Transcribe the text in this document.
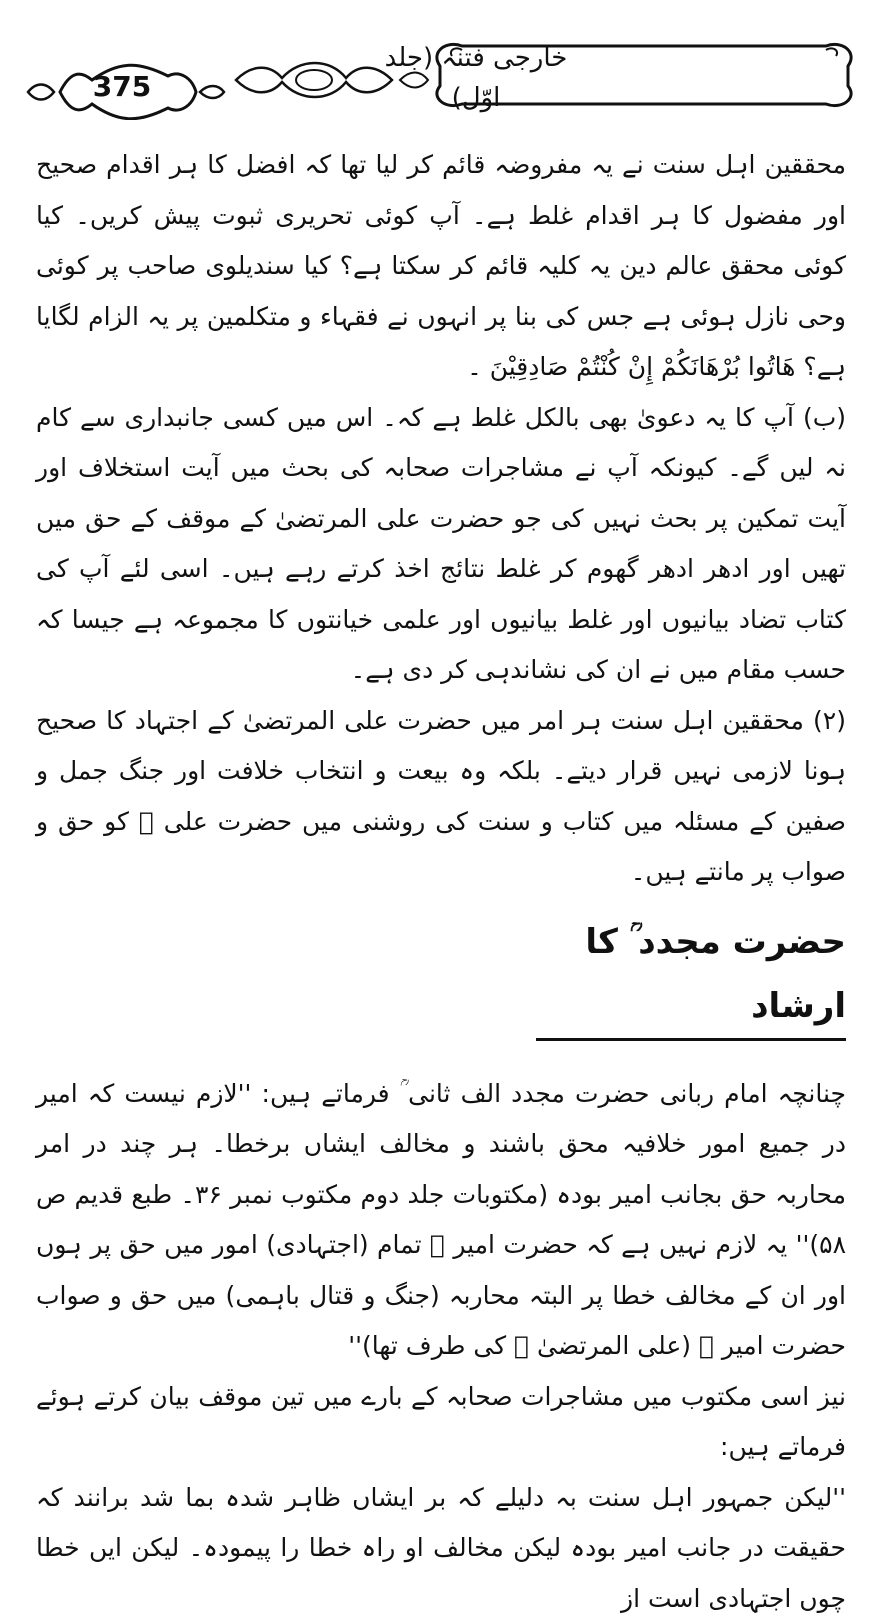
375
خارجی فتنہ (جلد اوّل)

محققین اہل سنت نے یہ مفروضہ قائم کر لیا تھا کہ افضل کا ہر اقدام صحیح اور مفضول کا ہر اقدام غلط ہے۔ آپ کوئی تحریری ثبوت پیش کریں۔ کیا کوئی محقق عالم دین یہ کلیہ قائم کر سکتا ہے؟ کیا سندیلوی صاحب پر کوئی وحی نازل ہوئی ہے جس کی بنا پر انہوں نے فقہاء و متکلمین پر یہ الزام لگایا ہے؟ هَاتُوا بُرْهَانَكُمْ إِنْ كُنْتُمْ صَادِقِيْنَ ۔

(ب) آپ کا یہ دعویٰ بھی بالکل غلط ہے کہ۔ اس میں کسی جانبداری سے کام نہ لیں گے۔ کیونکہ آپ نے مشاجرات صحابہ کی بحث میں آیت استخلاف اور آیت تمکین پر بحث نہیں کی جو حضرت علی المرتضیٰ کے موقف کے حق میں تھیں اور ادھر ادھر گھوم کر غلط نتائج اخذ کرتے رہے ہیں۔ اسی لئے آپ کی کتاب تضاد بیانیوں اور غلط بیانیوں اور علمی خیانتوں کا مجموعہ ہے جیسا کہ حسب مقام میں نے ان کی نشاندہی کر دی ہے۔

(۲) محققین اہل سنت ہر امر میں حضرت علی المرتضیٰ کے اجتہاد کا صحیح ہونا لازمی نہیں قرار دیتے۔ بلکہ وہ بیعت و انتخاب خلافت اور جنگ جمل و صفین کے مسئلہ میں کتاب و سنت کی روشنی میں حضرت علی ﷜ کو حق و صواب پر مانتے ہیں۔

حضرت مجدد ؒ کا ارشاد

چنانچہ امام ربانی حضرت مجدد الف ثانی ؒ فرماتے ہیں: ''لازم نیست کہ امیر در جمیع امور خلافیہ محق باشند و مخالف ایشاں برخطا۔ ہر چند در امر محاربہ حق بجانب امیر بودہ (مکتوبات جلد دوم مکتوب نمبر ۳۶۔ طبع قدیم ص ۵۸)'' یہ لازم نہیں ہے کہ حضرت امیر ﷜ تمام (اجتہادی) امور میں حق پر ہوں اور ان کے مخالف خطا پر البتہ محاربہ (جنگ و قتال باہمی) میں حق و صواب حضرت امیر ﷜ (علی المرتضیٰ ﷜ کی طرف تھا)''

نیز اسی مکتوب میں مشاجرات صحابہ کے بارے میں تین موقف بیان کرتے ہوئے فرماتے ہیں:

''لیکن جمہور اہل سنت بہ دلیلے کہ بر ایشاں ظاہر شدہ بما شد برانند کہ حقیقت در جانب امیر بودہ لیکن مخالف او راہ خطا را پیمودہ۔ لیکن ایں خطا چوں اجتہادی است از
